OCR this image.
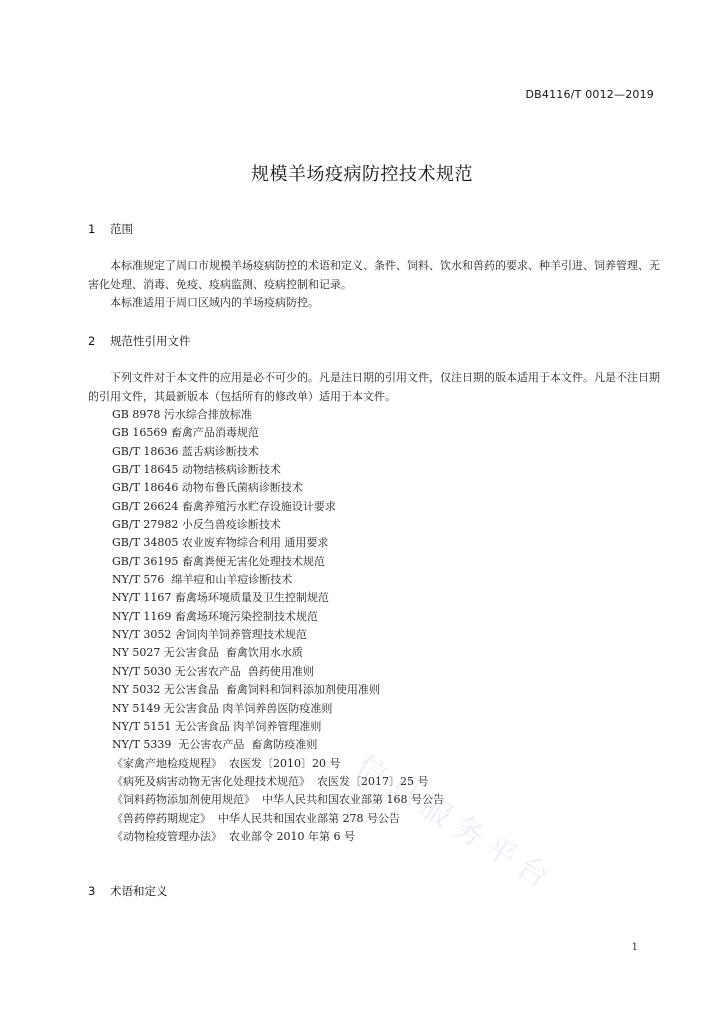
DB4116/T 0012—2019
规模羊场疫病防控技术规范
1 范围

本标准规定了周口市规模羊场疫病防控的术语和定义、条件、饲料、饮水和兽药的要求、种羊引进、饲养管理、无害化处理、消毒、免疫、疫病监测、疫病控制和记录。

本标准适用于周口区域内的羊场疫病防控。

2 规范性引用文件

下列文件对于本文件的应用是必不可少的。凡是注日期的引用文件，仅注日期的版本适用于本文件。凡是不注日期的引用文件，其最新版本（包括所有的修改单）适用于本文件。

GB 8978 污水综合排放标准
GB 16569 畜禽产品消毒规范
GB/T 18636 蓝舌病诊断技术
GB/T 18645 动物结核病诊断技术
GB/T 18646 动物布鲁氏菌病诊断技术
GB/T 26624 畜禽养殖污水贮存设施设计要求
GB/T 27982 小反刍兽疫诊断技术
GB/T 34805 农业废弃物综合利用 通用要求
GB/T 36195 畜禽粪便无害化处理技术规范
NY/T 576  绵羊痘和山羊痘诊断技术
NY/T 1167 畜禽场环境质量及卫生控制规范
NY/T 1169 畜禽场环境污染控制技术规范
NY/T 3052 舍饲肉羊饲养管理技术规范
NY 5027 无公害食品  畜禽饮用水水质
NY/T 5030 无公害农产品  兽药使用准则
NY 5032 无公害食品  畜禽饲料和饲料添加剂使用准则
NY 5149 无公害食品 肉羊饲养兽医防疫准则
NY/T 5151 无公害食品 肉羊饲养管理准则
NY/T 5339  无公害农产品  畜禽防疫准则
《家禽产地检疫规程》  农医发〔2010〕20 号
《病死及病害动物无害化处理技术规范》  农医发〔2017〕25 号
《饲料药物添加剂使用规范》  中华人民共和国农业部第 168 号公告
《兽药停药期规定》  中华人民共和国农业部第 278 号公告
《动物检疫管理办法》  农业部令 2010 年第 6 号
3 术语和定义	信息服务平台
1
